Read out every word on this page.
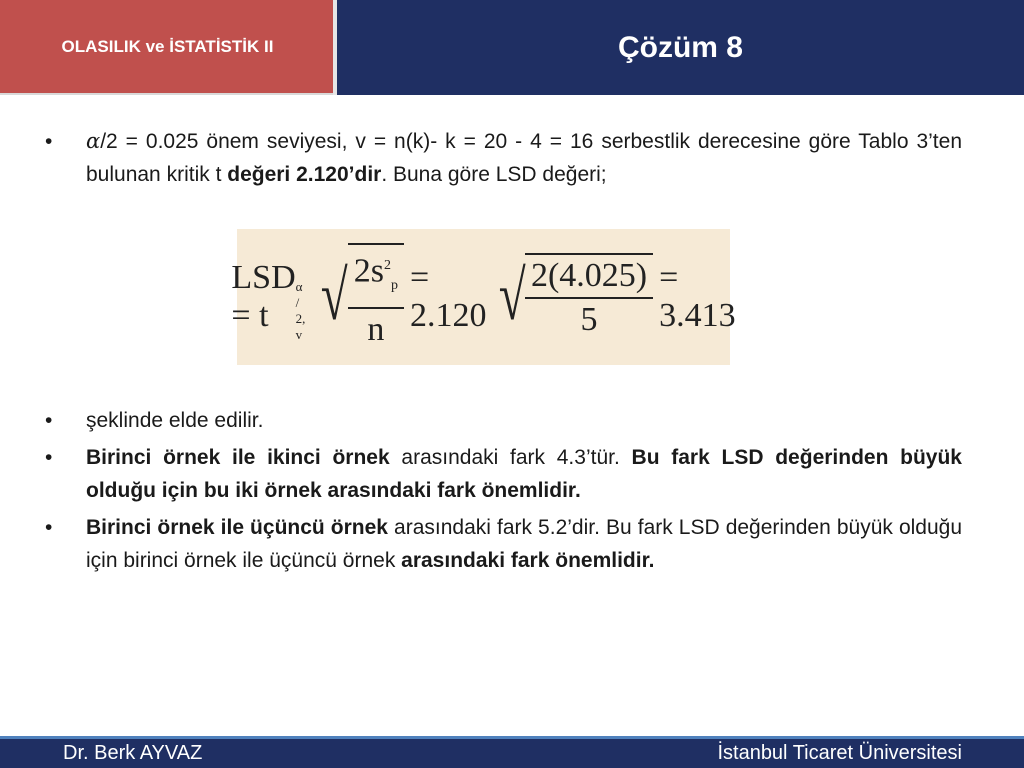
OLASILIK ve İSTATİSTİK II	Çözüm 8
• 𝛼/2 = 0.025 önem seviyesi, v = n(k)- k = 20 - 4 = 16 serbestlik derecesine göre Tablo 3’ten bulunan kritik t değeri 2.120’dir. Buna göre LSD değeri;
LSD = t
α / 2, v √ $\frac{2s^2_p}{n} = 2.120$ √ $\frac{2(4.025)}{5} = 3.413$
• şeklinde elde edilir.
• Birinci örnek ile ikinci örnek arasındaki fark 4.3’tür. Bu fark LSD değerinden büyük olduğu için bu iki örnek arasındaki fark önemlidir.
• Birinci örnek ile üçüncü örnek arasındaki fark 5.2’dir. Bu fark LSD değerinden büyük olduğu için birinci örnek ile üçüncü örnek arasındaki fark önemlidir.
Dr. Berk AYVAZ	İstanbul Ticaret Üniversitesi
